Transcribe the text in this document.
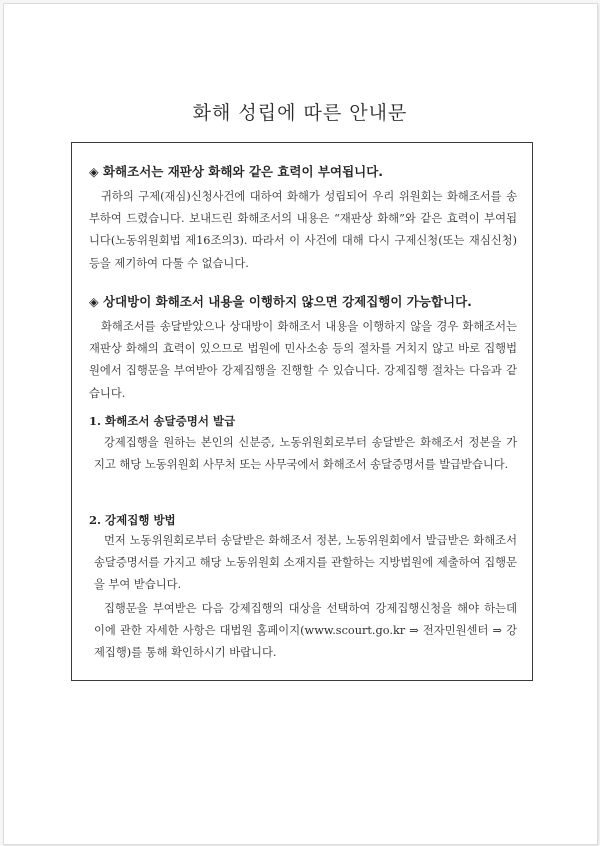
화해 성립에 따른 안내문
◈ 화해조서는 재판상 화해와 같은 효력이 부여됩니다.

귀하의 구제(재심)신청사건에 대하여 화해가 성립되어 우리 위원회는 화해조서를 송부하여 드렸습니다. 보내드린 화해조서의 내용은 “재판상 화해”와 같은 효력이 부여됩니다(노동위원회법 제16조의3). 따라서 이 사건에 대해 다시 구제신청(또는 재심신청) 등을 제기하여 다툴 수 없습니다.

◈ 상대방이 화해조서 내용을 이행하지 않으면 강제집행이 가능합니다.

화해조서를 송달받았으나 상대방이 화해조서 내용을 이행하지 않을 경우 화해조서는 재판상 화해의 효력이 있으므로 법원에 민사소송 등의 절차를 거치지 않고 바로 집행법원에서 집행문을 부여받아 강제집행을 진행할 수 있습니다. 강제집행 절차는 다음과 같습니다.

1. 화해조서 송달증명서 발급

강제집행을 원하는 본인의 신분증, 노동위원회로부터 송달받은 화해조서 정본을 가지고 해당 노동위원회 사무처 또는 사무국에서 화해조서 송달증명서를 발급받습니다.

2. 강제집행 방법

먼저 노동위원회로부터 송달받은 화해조서 정본, 노동위원회에서 발급받은 화해조서 송달증명서를 가지고 해당 노동위원회 소재지를 관할하는 지방법원에 제출하여 집행문을 부여 받습니다.

집행문을 부여받은 다음 강제집행의 대상을 선택하여 강제집행신청을 해야 하는데 이에 관한 자세한 사항은 대법원 홈페이지(www.scourt.go.kr ⇒ 전자민원센터 ⇒ 강제집행)를 통해 확인하시기 바랍니다.
